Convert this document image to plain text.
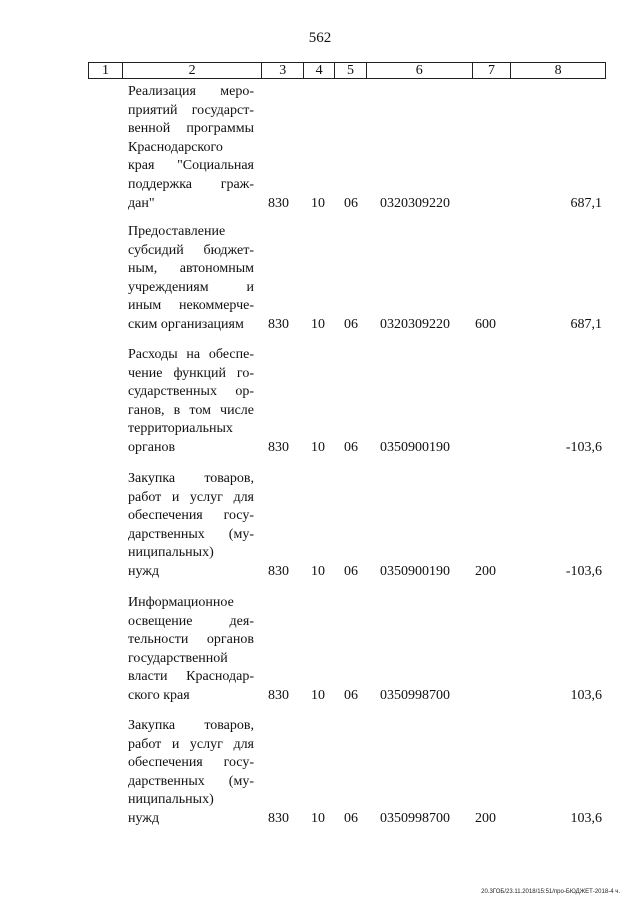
562
1	2	3	4	5	6	7	8
Реализация меро-
приятий государст-
венной программы
Краснодарского
края "Социальная
поддержка граж-
дан"	830 10 06 0320309220	687,1
Предоставление
субсидий бюджет-
ным, автономным
учреждениям и
иным некоммерче-
ским организациям	830 10 06 0320309220 600	687,1
Расходы на обеспе-
чение функций го-
сударственных ор-
ганов, в том числе
территориальных
органов	830 10 06 0350900190	-103,6
Закупка товаров,
работ и услуг для
обеспечения госу-
дарственных (му-
ниципальных)
нужд	830 10 06 0350900190 200	-103,6
Информационное
освещение дея-
тельности органов
государственной
власти Краснодар-
ского края	830 10 06 0350998700	103,6
Закупка товаров,
работ и услуг для
обеспечения госу-
дарственных (му-
ниципальных)
нужд	830 10 06 0350998700 200	103,6
20.3ГОБ/23.11.2018/15:51/про-БЮДЖЕТ-2018-4 ч.
